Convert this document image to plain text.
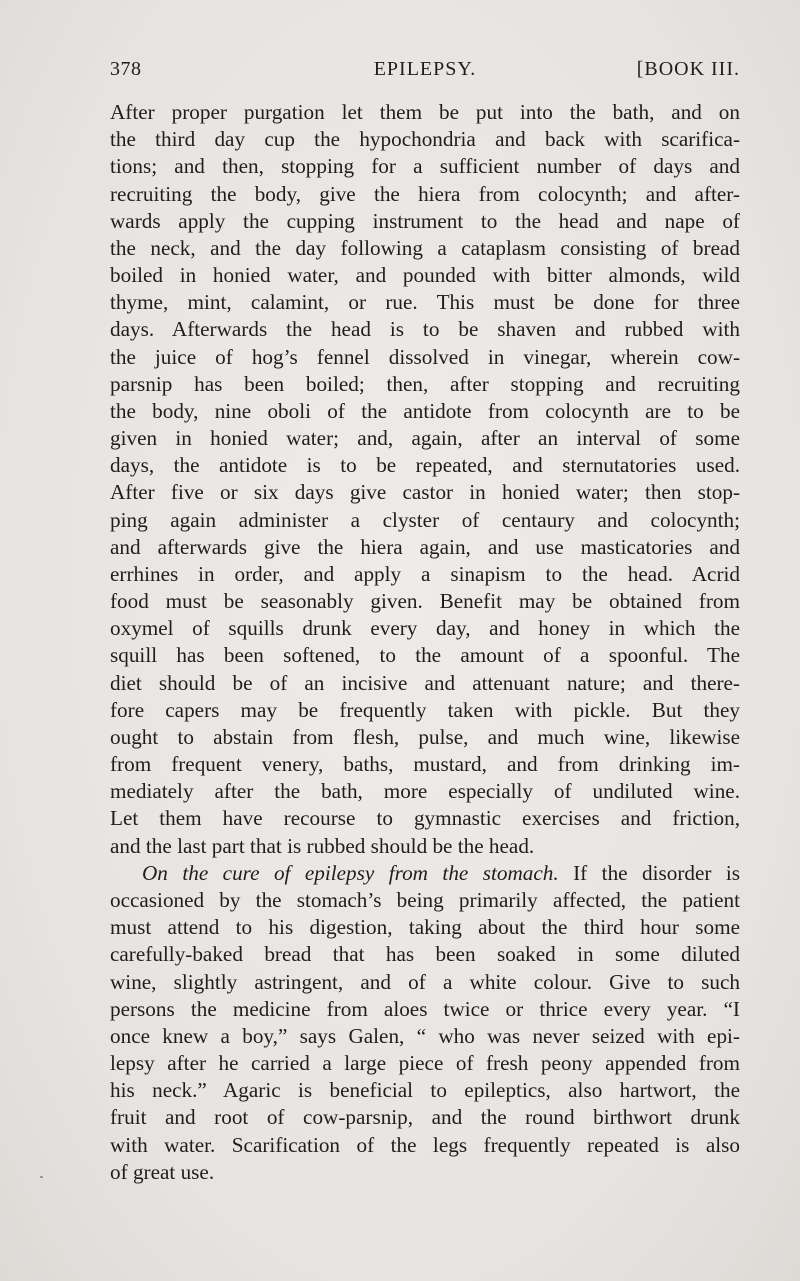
378	EPILEPSY.	[BOOK III.
After proper purgation let them be put into the bath, and on
the third day cup the hypochondria and back with scarifica-
tions; and then, stopping for a sufficient number of days and
recruiting the body, give the hiera from colocynth; and after-
wards apply the cupping instrument to the head and nape of
the neck, and the day following a cataplasm consisting of bread
boiled in honied water, and pounded with bitter almonds, wild
thyme, mint, calamint, or rue. This must be done for three
days. Afterwards the head is to be shaven and rubbed with
the juice of hog’s fennel dissolved in vinegar, wherein cow-
parsnip has been boiled; then, after stopping and recruiting
the body, nine oboli of the antidote from colocynth are to be
given in honied water; and, again, after an interval of some
days, the antidote is to be repeated, and sternutatories used.
After five or six days give castor in honied water; then stop-
ping again administer a clyster of centaury and colocynth;
and afterwards give the hiera again, and use masticatories and
errhines in order, and apply a sinapism to the head. Acrid
food must be seasonably given. Benefit may be obtained from
oxymel of squills drunk every day, and honey in which the
squill has been softened, to the amount of a spoonful. The
diet should be of an incisive and attenuant nature; and there-
fore capers may be frequently taken with pickle. But they
ought to abstain from flesh, pulse, and much wine, likewise
from frequent venery, baths, mustard, and from drinking im-
mediately after the bath, more especially of undiluted wine.
Let them have recourse to gymnastic exercises and friction,
and the last part that is rubbed should be the head.
On the cure of epilepsy from the stomach. If the disorder is
occasioned by the stomach’s being primarily affected, the patient
must attend to his digestion, taking about the third hour some
carefully-baked bread that has been soaked in some diluted
wine, slightly astringent, and of a white colour. Give to such
persons the medicine from aloes twice or thrice every year. “I
once knew a boy,” says Galen, “ who was never seized with epi-
lepsy after he carried a large piece of fresh peony appended from
his neck.” Agaric is beneficial to epileptics, also hartwort, the
fruit and root of cow-parsnip, and the round birthwort drunk
with water. Scarification of the legs frequently repeated is also
of great use.
